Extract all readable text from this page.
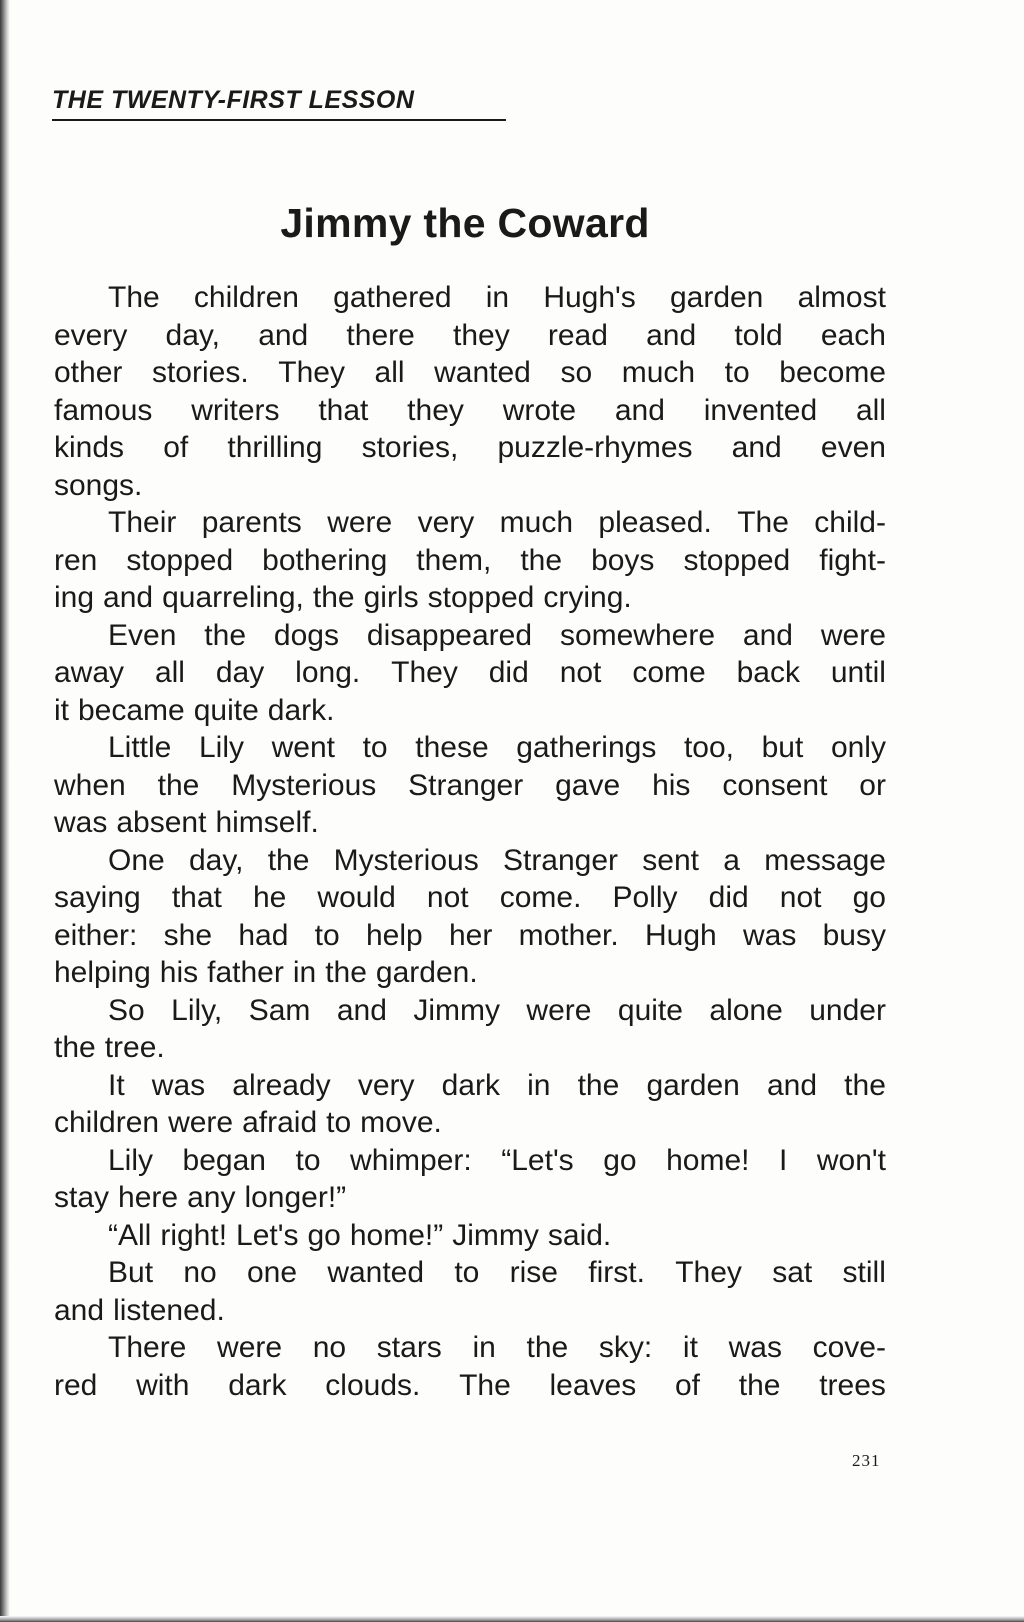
THE TWENTY-FIRST LESSON
Jimmy the Coward
The children gathered in Hugh's garden almost
every day, and there they read and told each
other stories. They all wanted so much to become
famous writers that they wrote and invented all
kinds of thrilling stories, puzzle-rhymes and even
songs.
Their parents were very much pleased. The child-
ren stopped bothering them, the boys stopped fight-
ing and quarreling, the girls stopped crying.
Even the dogs disappeared somewhere and were
away all day long. They did not come back until
it became quite dark.
Little Lily went to these gatherings too, but only
when the Mysterious Stranger gave his consent or
was absent himself.
One day, the Mysterious Stranger sent a message
saying that he would not come. Polly did not go
either: she had to help her mother. Hugh was busy
helping his father in the garden.
So Lily, Sam and Jimmy were quite alone under
the tree.
It was already very dark in the garden and the
children were afraid to move.
Lily began to whimper: “Let's go home! I won't
stay here any longer!”
“All right! Let's go home!” Jimmy said.
But no one wanted to rise first. They sat still
and listened.
There were no stars in the sky: it was cove-
red with dark clouds. The leaves of the trees
231
